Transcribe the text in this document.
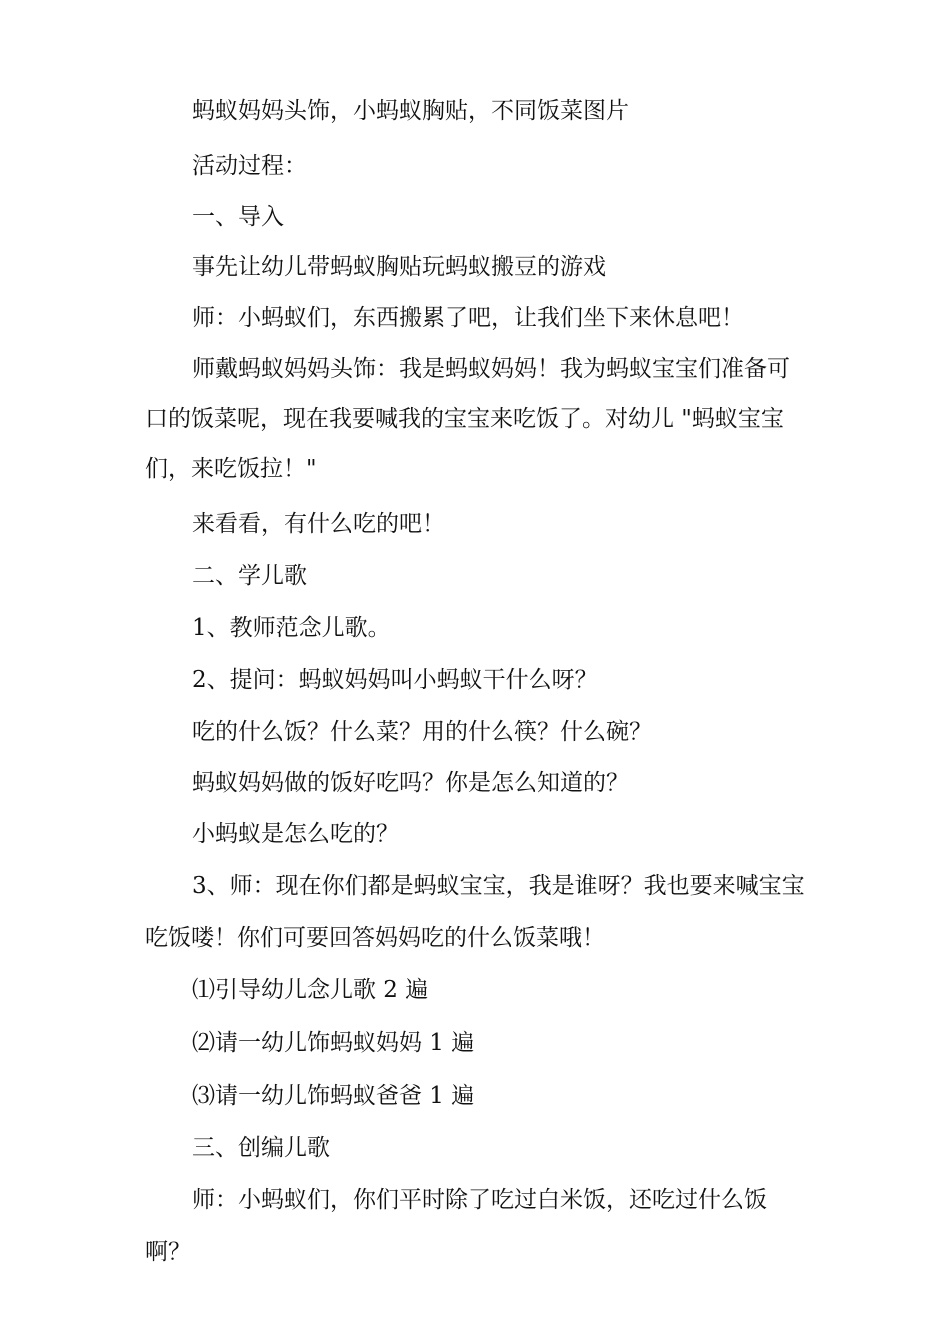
蚂蚁妈妈头饰，小蚂蚁胸贴，不同饭菜图片

活动过程：

一、导入

事先让幼儿带蚂蚁胸贴玩蚂蚁搬豆的游戏

师：小蚂蚁们，东西搬累了吧，让我们坐下来休息吧！

师戴蚂蚁妈妈头饰：我是蚂蚁妈妈！我为蚂蚁宝宝们准备可口的饭菜呢，现在我要喊我的宝宝来吃饭了。对幼儿 "蚂蚁宝宝们，来吃饭拉！"

来看看，有什么吃的吧！

二、学儿歌

1、教师范念儿歌。

2、提问：蚂蚁妈妈叫小蚂蚁干什么呀？

吃的什么饭？什么菜？用的什么筷？什么碗？

蚂蚁妈妈做的饭好吃吗？你是怎么知道的？

小蚂蚁是怎么吃的？

3、师：现在你们都是蚂蚁宝宝，我是谁呀？我也要来喊宝宝吃饭喽！你们可要回答妈妈吃的什么饭菜哦！

⑴引导幼儿念儿歌 2 遍

⑵请一幼儿饰蚂蚁妈妈 1 遍

⑶请一幼儿饰蚂蚁爸爸 1 遍

三、创编儿歌

师：小蚂蚁们，你们平时除了吃过白米饭，还吃过什么饭啊？
